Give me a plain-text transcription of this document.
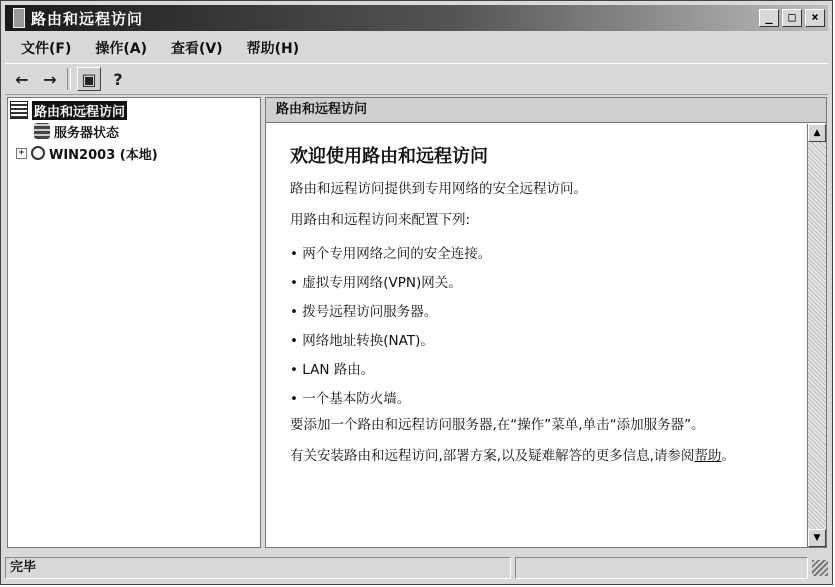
路由和远程访问	_	□	×
文件(F) 操作(A) 查看(V) 帮助(H)
← → ▣	?
路由和远程访问
服务器状态
+ WIN2003 (本地)
路由和远程访问
欢迎使用路由和远程访问
路由和远程访问提供到专用网络的安全远程访问。
用路由和远程访问来配置下列:
• 两个专用网络之间的安全连接。
• 虚拟专用网络(VPN)网关。
• 拨号远程访问服务器。
• 网络地址转换(NAT)。
• LAN 路由。
• 一个基本防火墙。
要添加一个路由和远程访问服务器,在“操作”菜单,单击“添加服务器”。
有关安装路由和远程访问,部署方案,以及疑难解答的更多信息,请参阅帮助。
▲
▼
完毕
